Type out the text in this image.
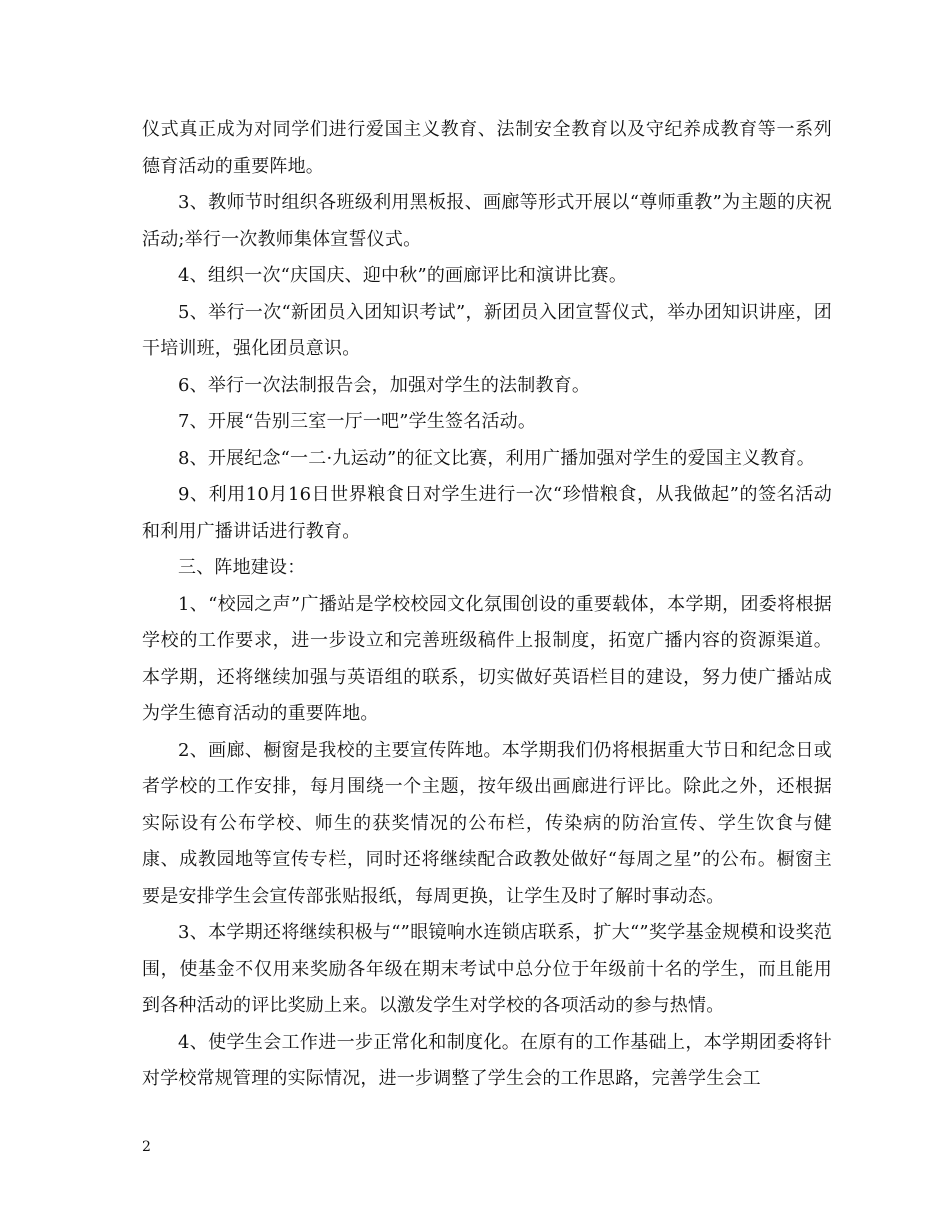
仪式真正成为对同学们进行爱国主义教育、法制安全教育以及守纪养成教育等一系列德育活动的重要阵地。

3、教师节时组织各班级利用黑板报、画廊等形式开展以“尊师重教”为主题的庆祝活动;举行一次教师集体宣誓仪式。

4、组织一次“庆国庆、迎中秋”的画廊评比和演讲比赛。

5、举行一次“新团员入团知识考试”，新团员入团宣誓仪式，举办团知识讲座，团干培训班，强化团员意识。

6、举行一次法制报告会，加强对学生的法制教育。

7、开展“告别三室一厅一吧”学生签名活动。

8、开展纪念“一二·九运动”的征文比赛，利用广播加强对学生的爱国主义教育。

9、利用10月16日世界粮食日对学生进行一次“珍惜粮食，从我做起”的签名活动和利用广播讲话进行教育。

三、阵地建设：

1、“校园之声”广播站是学校校园文化氛围创设的重要载体，本学期，团委将根据学校的工作要求，进一步设立和完善班级稿件上报制度，拓宽广播内容的资源渠道。本学期，还将继续加强与英语组的联系，切实做好英语栏目的建设，努力使广播站成为学生德育活动的重要阵地。

2、画廊、橱窗是我校的主要宣传阵地。本学期我们仍将根据重大节日和纪念日或者学校的工作安排，每月围绕一个主题，按年级出画廊进行评比。除此之外，还根据实际设有公布学校、师生的获奖情况的公布栏，传染病的防治宣传、学生饮食与健康、成教园地等宣传专栏，同时还将继续配合政教处做好“每周之星”的公布。橱窗主要是安排学生会宣传部张贴报纸，每周更换，让学生及时了解时事动态。

3、本学期还将继续积极与“”眼镜响水连锁店联系，扩大“”奖学基金规模和设奖范围，使基金不仅用来奖励各年级在期末考试中总分位于年级前十名的学生，而且能用到各种活动的评比奖励上来。以激发学生对学校的各项活动的参与热情。

4、使学生会工作进一步正常化和制度化。在原有的工作基础上，本学期团委将针对学校常规管理的实际情况，进一步调整了学生会的工作思路，完善学生会工

2
